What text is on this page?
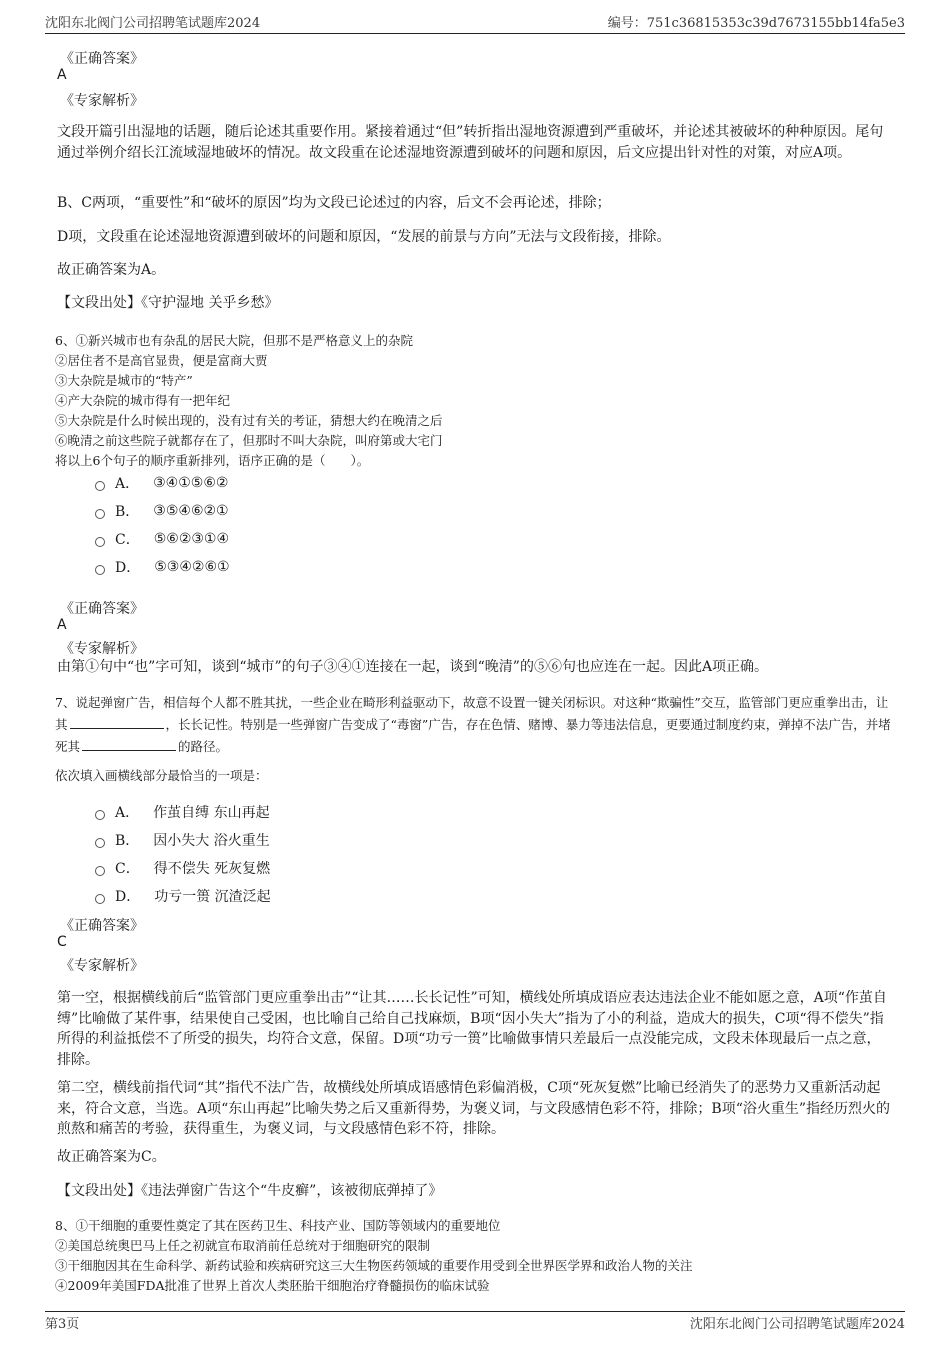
沈阳东北阀门公司招聘笔试题库2024	编号：751c36815353c39d7673155bb14fa5e3
《正确答案》
A
《专家解析》
文段开篇引出湿地的话题，随后论述其重要作用。紧接着通过“但”转折指出湿地资源遭到严重破坏，并论述其被破坏的种种原因。尾句通过举例介绍长江流域湿地破坏的情况。故文段重在论述湿地资源遭到破坏的问题和原因，后文应提出针对性的对策，对应A项。
B、C两项，“重要性”和“破坏的原因”均为文段已论述过的内容，后文不会再论述，排除；
D项，文段重在论述湿地资源遭到破坏的问题和原因，“发展的前景与方向”无法与文段衔接，排除。
故正确答案为A。
【文段出处】《守护湿地 关乎乡愁》
6、①新兴城市也有杂乱的居民大院，但那不是严格意义上的杂院
②居住者不是高官显贵，便是富商大贾
③大杂院是城市的“特产”
④产大杂院的城市得有一把年纪
⑤大杂院是什么时候出现的，没有过有关的考证，猜想大约在晚清之后
⑥晚清之前这些院子就都存在了，但那时不叫大杂院，叫府第或大宅门
将以上6个句子的顺序重新排列，语序正确的是（　　）。
A． ③④①⑤⑥②
B． ③⑤④⑥②①
C． ⑤⑥②③①④
D． ⑤③④②⑥①
《正确答案》
A
《专家解析》
由第①句中“也”字可知，谈到“城市”的句子③④①连接在一起，谈到“晚清”的⑤⑥句也应连在一起。因此A项正确。
7、说起弹窗广告，相信每个人都不胜其扰，一些企业在畸形利益驱动下，故意不设置一键关闭标识。对这种“欺骗性”交互，监管部门更应重拳出击，让其	，长长记性。特别是一些弹窗广告变成了“毒窗”广告，存在色情、赌博、暴力等违法信息，更要通过制度约束，弹掉不法广告，并堵死其	的路径。
依次填入画横线部分最恰当的一项是：
A． 作茧自缚 东山再起
B． 因小失大 浴火重生
C． 得不偿失 死灰复燃
D． 功亏一篑 沉渣泛起
《正确答案》
C
《专家解析》
第一空，根据横线前后“监管部门更应重拳出击”“让其……长长记性”可知，横线处所填成语应表达违法企业不能如愿之意，A项“作茧自缚”比喻做了某件事，结果使自己受困，也比喻自己给自己找麻烦，B项“因小失大”指为了小的利益，造成大的损失，C项“得不偿失”指所得的利益抵偿不了所受的损失，均符合文意，保留。D项“功亏一篑”比喻做事情只差最后一点没能完成，文段未体现最后一点之意，排除。
第二空，横线前指代词“其”指代不法广告，故横线处所填成语感情色彩偏消极，C项“死灰复燃”比喻已经消失了的恶势力又重新活动起来，符合文意，当选。A项“东山再起”比喻失势之后又重新得势，为褒义词，与文段感情色彩不符，排除；B项“浴火重生”指经历烈火的煎熬和痛苦的考验，获得重生，为褒义词，与文段感情色彩不符，排除。
故正确答案为C。
【文段出处】《违法弹窗广告这个“牛皮癣”，该被彻底弹掉了》
8、①干细胞的重要性奠定了其在医药卫生、科技产业、国防等领域内的重要地位
②美国总统奥巴马上任之初就宣布取消前任总统对于细胞研究的限制
③干细胞因其在生命科学、新药试验和疾病研究这三大生物医药领域的重要作用受到全世界医学界和政治人物的关注
④2009年美国FDA批准了世界上首次人类胚胎干细胞治疗脊髓损伤的临床试验
第3页	沈阳东北阀门公司招聘笔试题库2024
